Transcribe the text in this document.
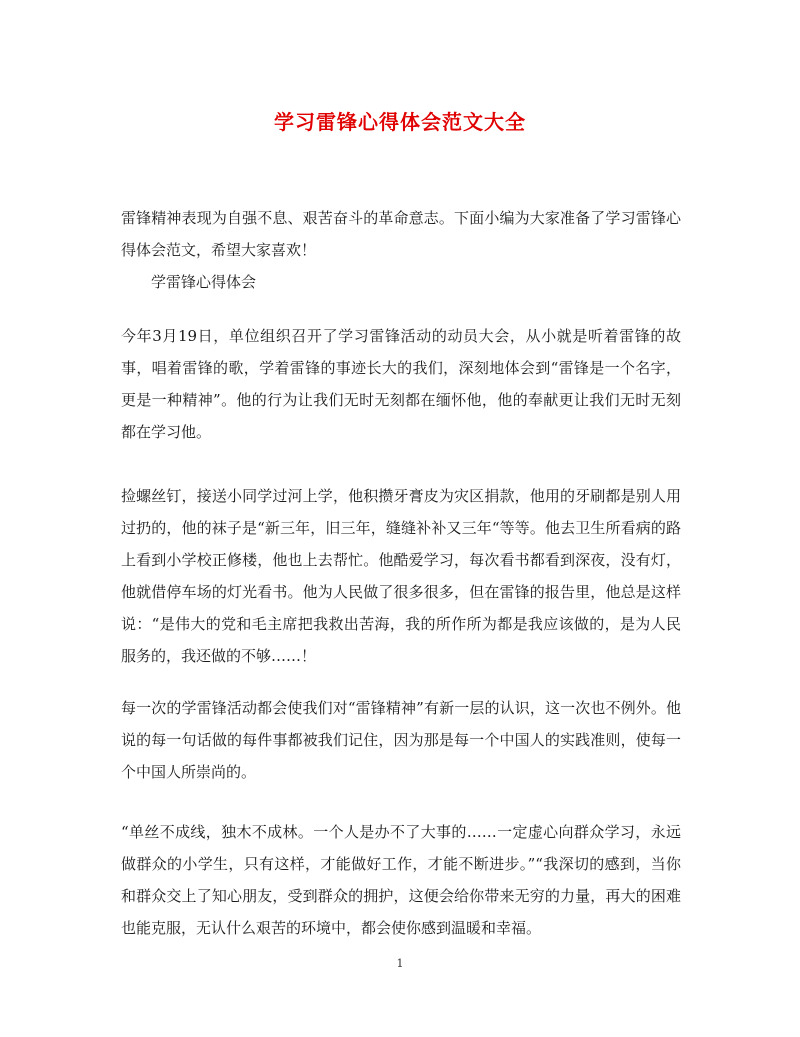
学习雷锋心得体会范文大全

雷锋精神表现为自强不息、艰苦奋斗的革命意志。下面小编为大家准备了学习雷锋心得体会范文，希望大家喜欢！

学雷锋心得体会

今年3月19日，单位组织召开了学习雷锋活动的动员大会，从小就是听着雷锋的故事，唱着雷锋的歌，学着雷锋的事迹长大的我们，深刻地体会到“雷锋是一个名字，更是一种精神”。他的行为让我们无时无刻都在缅怀他，他的奉献更让我们无时无刻都在学习他。

捡螺丝钉，接送小同学过河上学，他积攒牙膏皮为灾区捐款，他用的牙刷都是别人用过扔的，他的袜子是“新三年，旧三年，缝缝补补又三年“等等。他去卫生所看病的路上看到小学校正修楼，他也上去帮忙。他酷爱学习，每次看书都看到深夜，没有灯，他就借停车场的灯光看书。他为人民做了很多很多，但在雷锋的报告里，他总是这样说：“是伟大的党和毛主席把我救出苦海，我的所作所为都是我应该做的，是为人民服务的，我还做的不够……！

每一次的学雷锋活动都会使我们对“雷锋精神”有新一层的认识，这一次也不例外。他说的每一句话做的每件事都被我们记住，因为那是每一个中国人的实践准则，使每一个中国人所崇尚的。

“单丝不成线，独木不成林。一个人是办不了大事的……一定虚心向群众学习，永远做群众的小学生，只有这样，才能做好工作，才能不断进步。”“我深切的感到，当你和群众交上了知心朋友，受到群众的拥护，这便会给你带来无穷的力量，再大的困难也能克服，无认什么艰苦的环境中，都会使你感到温暖和幸福。

1
